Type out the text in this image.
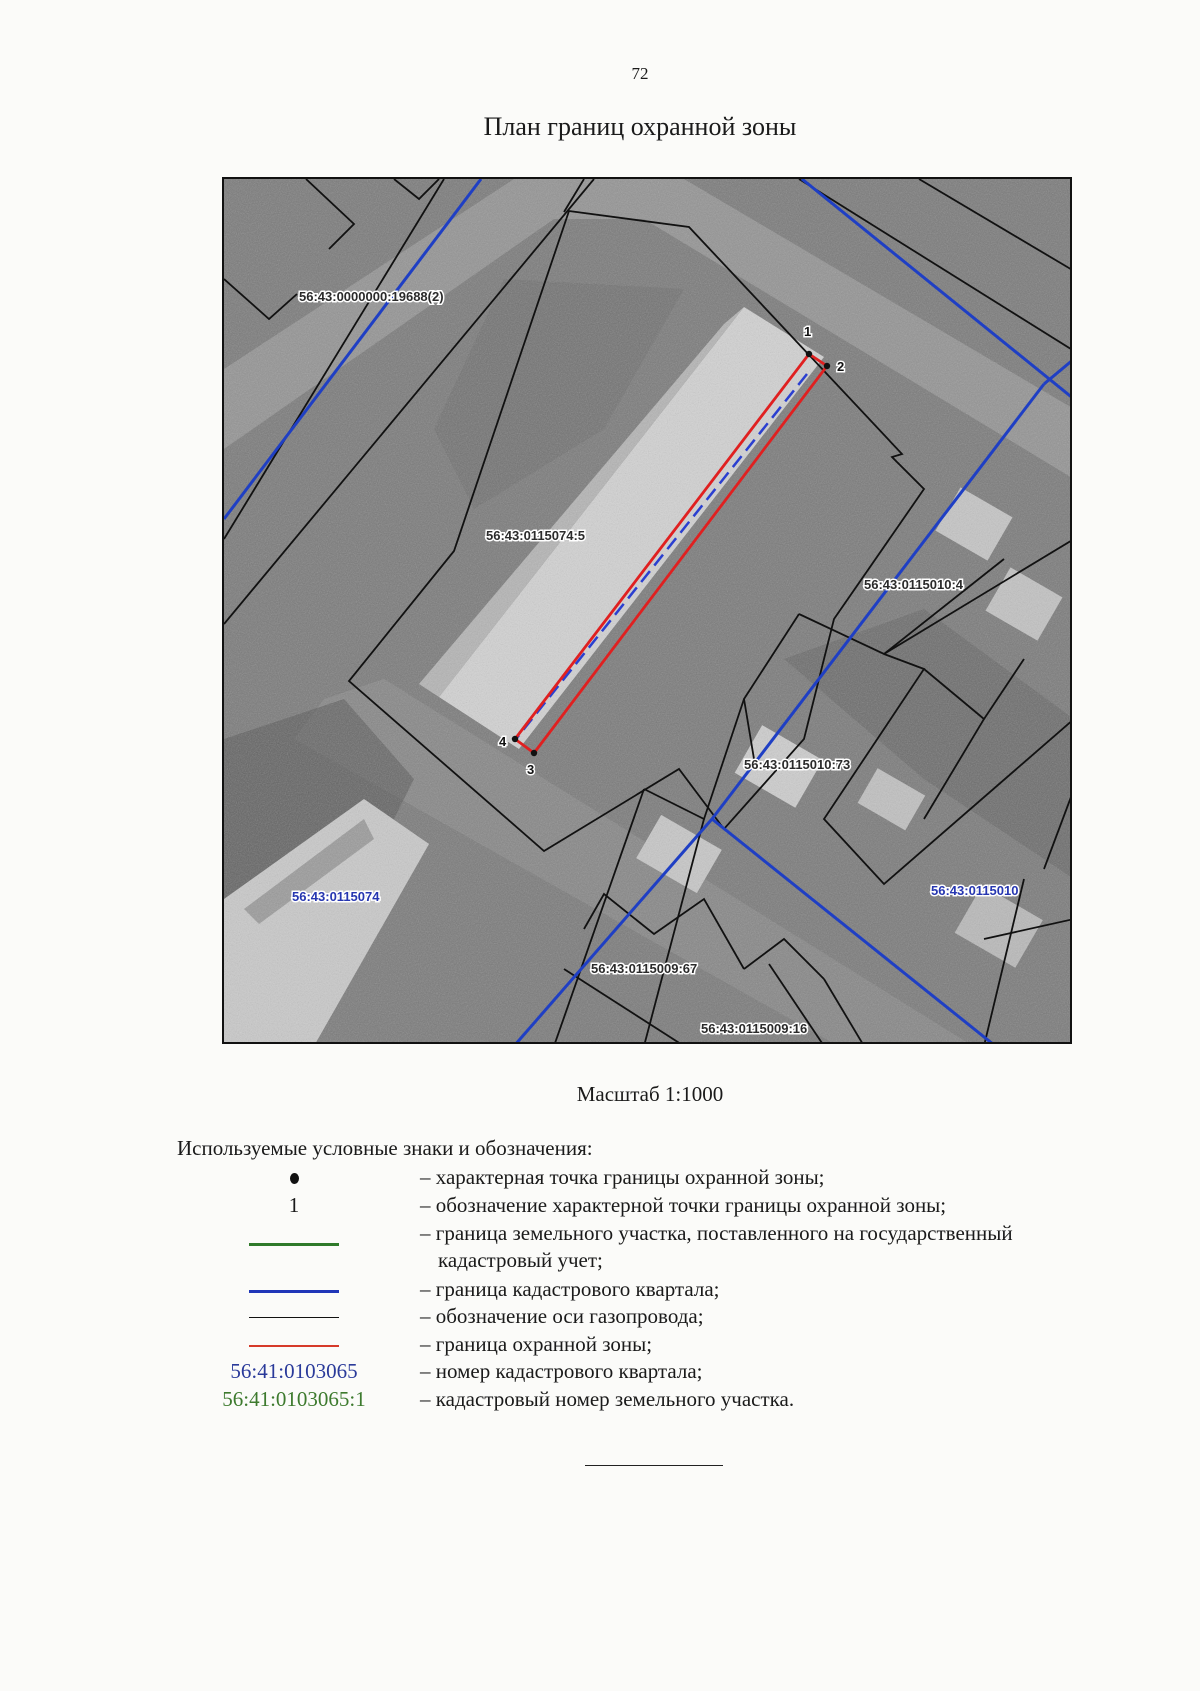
72
План границ охранной зоны
1
2
3
4
56:43:0000000:19688(2)
56:43:0115074:5
56:43:0115010:4
56:43:0115010:73
56:43:0115074	56:43:0115010
56:43:0115009:67
56:43:0115009:16
Масштаб 1:1000
Используемые условные знаки и обозначения:
– характерная точка границы охранной зоны;
1	– обозначение характерной точки границы охранной зоны;
– граница земельного участка, поставленного на государственный
кадастровый учет;
– граница кадастрового квартала;
– обозначение оси газопровода;
– граница охранной зоны;
56:41:0103065	– номер кадастрового квартала;
56:41:0103065:1	– кадастровый номер земельного участка.
